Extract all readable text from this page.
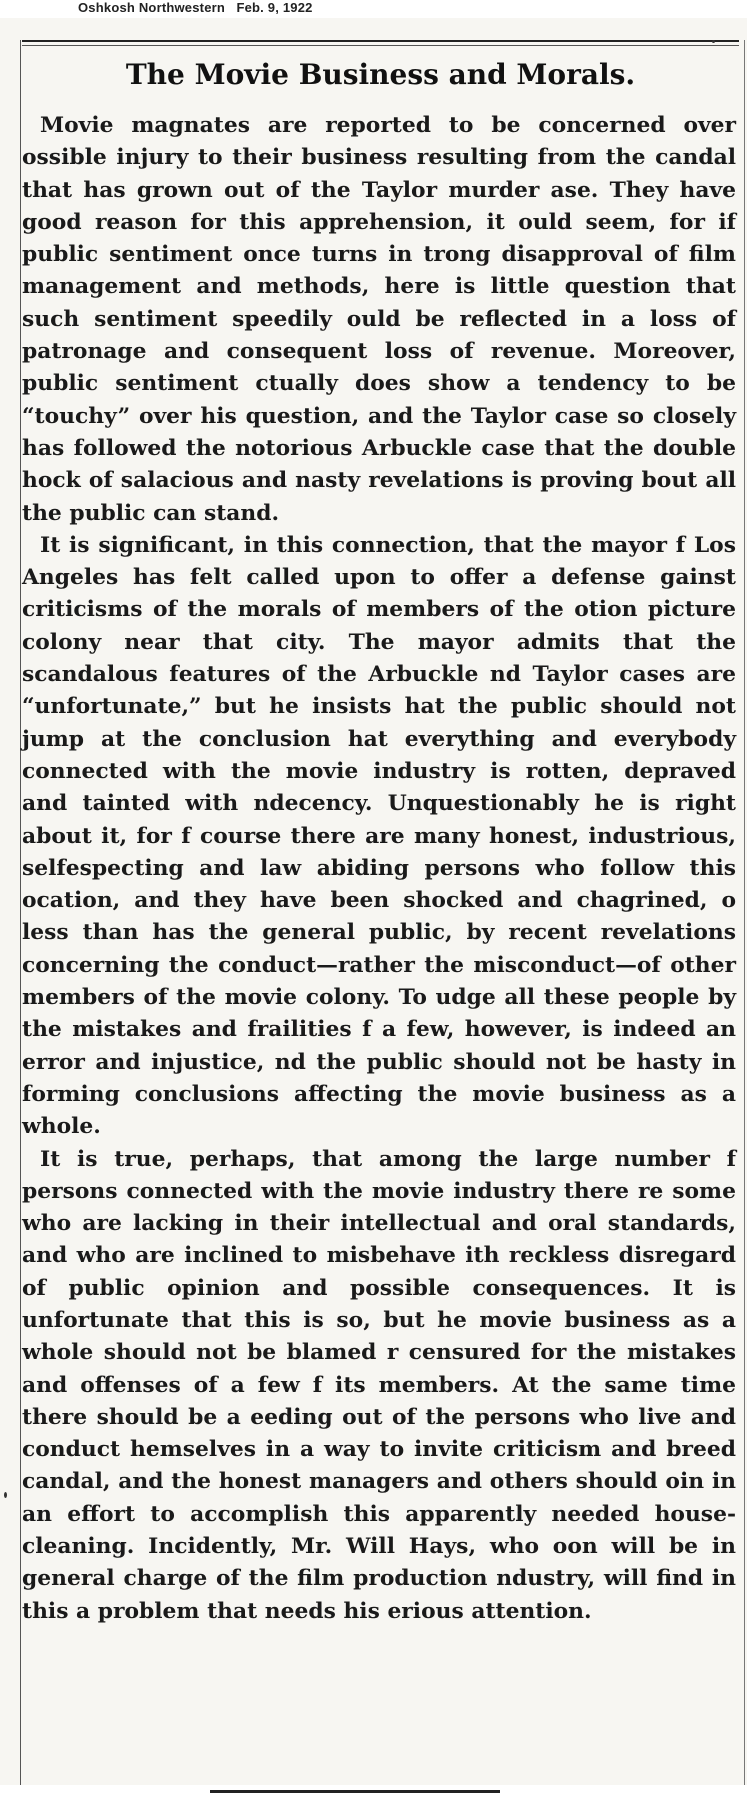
Oshkosh Northwestern Feb. 9, 1922
The Movie Business and Morals.

Movie magnates are reported to be concerned over ossible injury to their business resulting from the candal that has grown out of the Taylor murder ase. They have good reason for this apprehension, it ould seem, for if public sentiment once turns in trong disapproval of film management and methods, here is little question that such sentiment speedily ould be reflected in a loss of patronage and consequent loss of revenue. Moreover, public sentiment ctually does show a tendency to be “touchy” over his question, and the Taylor case so closely has followed the notorious Arbuckle case that the double hock of salacious and nasty revelations is proving bout all the public can stand.

It is significant, in this connection, that the mayor f Los Angeles has felt called upon to offer a defense gainst criticisms of the morals of members of the otion picture colony near that city. The mayor admits that the scandalous features of the Arbuckle nd Taylor cases are “unfortunate,” but he insists hat the public should not jump at the conclusion hat everything and everybody connected with the movie industry is rotten, depraved and tainted with ndecency. Unquestionably he is right about it, for f course there are many honest, industrious, selfespecting and law abiding persons who follow this ocation, and they have been shocked and chagrined, o less than has the general public, by recent revelations concerning the conduct—rather the misconduct—of other members of the movie colony. To udge all these people by the mistakes and frailities f a few, however, is indeed an error and injustice, nd the public should not be hasty in forming conclusions affecting the movie business as a whole.

It is true, perhaps, that among the large number f persons connected with the movie industry there re some who are lacking in their intellectual and oral standards, and who are inclined to misbehave ith reckless disregard of public opinion and possible consequences. It is unfortunate that this is so, but he movie business as a whole should not be blamed r censured for the mistakes and offenses of a few f its members. At the same time there should be a eeding out of the persons who live and conduct hemselves in a way to invite criticism and breed candal, and the honest managers and others should oin in an effort to accomplish this apparently needed house-cleaning. Incidently, Mr. Will Hays, who oon will be in general charge of the film production ndustry, will find in this a problem that needs his erious attention.
